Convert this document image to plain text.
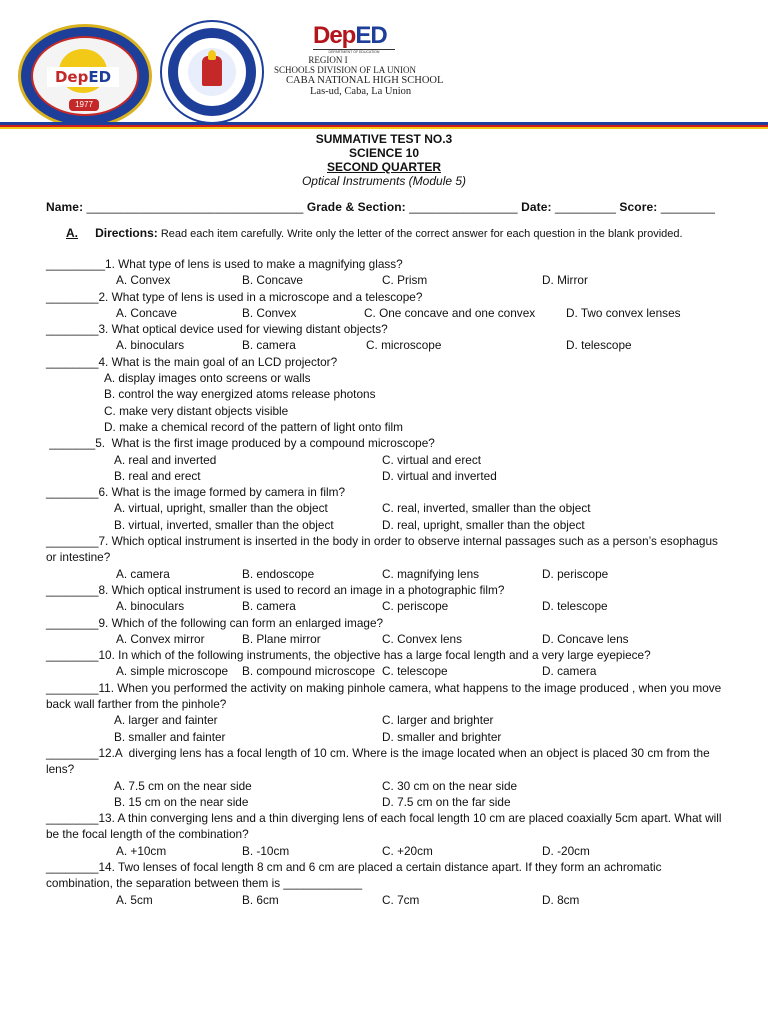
DepED
1977
DepED
DEPARTMENT OF EDUCATION
REGION I
SCHOOLS DIVISION OF LA UNION
CABA NATIONAL HIGH SCHOOL
Las-ud, Caba, La Union
SUMMATIVE TEST NO.3
SCIENCE 10
SECOND QUARTER
Optical Instruments (Module 5)
Name: ________________________________ Grade & Section: ________________ Date: _________ Score: ________
A. Directions: Read each item carefully. Write only the letter of the correct answer for each question in the blank provided.
_________1. What type of lens is used to make a magnifying glass?
A. Convex	B. Concave	C. Prism	D. Mirror
________2. What type of lens is used in a microscope and a telescope?
A. Concave	B. Convex	C. One concave and one convex	D. Two convex lenses
________3. What optical device used for viewing distant objects?
A. binoculars	B. camera	C. microscope	D. telescope
________4. What is the main goal of an LCD projector?
A. display images onto screens or walls
B. control the way energized atoms release photons
C. make very distant objects visible
D. make a chemical record of the pattern of light onto film
_______5.  What is the first image produced by a compound microscope?
A. real and inverted	C. virtual and erect
B. real and erect	D. virtual and inverted
________6. What is the image formed by camera in film?
A. virtual, upright, smaller than the object	C. real, inverted, smaller than the object
B. virtual, inverted, smaller than the object	D. real, upright, smaller than the object
________7. Which optical instrument is inserted in the body in order to observe internal passages such as a person’s esophagus or intestine?
A. camera	B. endoscope	C. magnifying lens	D. periscope
________8. Which optical instrument is used to record an image in a photographic film?
A. binoculars	B. camera	C. periscope	D. telescope
________9. Which of the following can form an enlarged image?
A. Convex mirror	B. Plane mirror	C. Convex lens	D. Concave lens
________10. In which of the following instruments, the objective has a large focal length and a very large eyepiece?
A. simple microscope B. compound microscope C. telescope	D. camera
________11. When you performed the activity on making pinhole camera, what happens to the image produced , when you move back wall farther from the pinhole?
A. larger and fainter	C. larger and brighter
B. smaller and fainter	D. smaller and brighter
________12.A  diverging lens has a focal length of 10 cm. Where is the image located when an object is placed 30 cm from the lens?
A. 7.5 cm on the near side	C. 30 cm on the near side
B. 15 cm on the near side	D. 7.5 cm on the far side
________13. A thin converging lens and a thin diverging lens of each focal length 10 cm are placed coaxially 5cm apart. What will be the focal length of the combination?
A. +10cm	B. -10cm	C. +20cm	D. -20cm
________14. Two lenses of focal length 8 cm and 6 cm are placed a certain distance apart. If they form an achromatic combination, the separation between them is ____________
A. 5cm	B. 6cm	C. 7cm	D. 8cm
